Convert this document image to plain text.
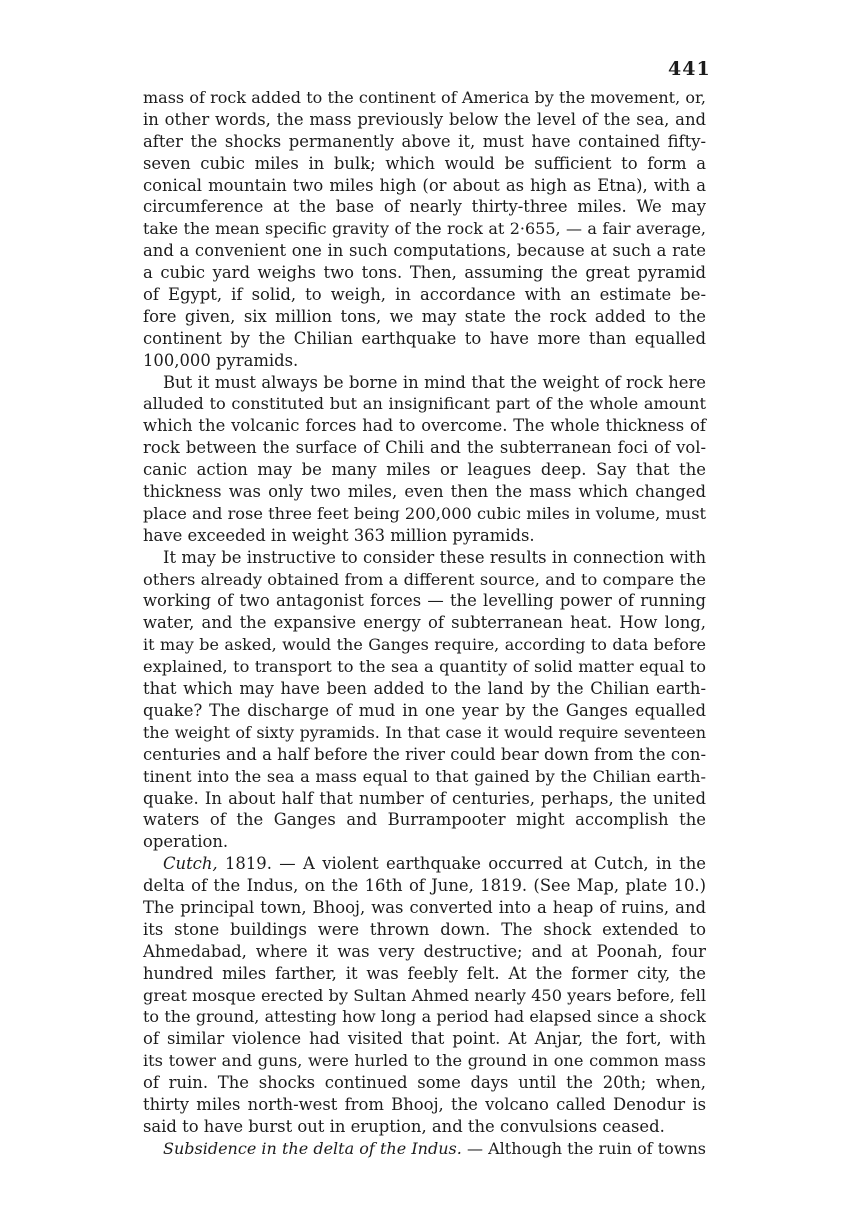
441
mass of rock added to the continent of America by the movement, or,
in other words, the mass previously below the level of the sea, and
after the shocks permanently above it, must have contained fifty-
seven cubic miles in bulk; which would be sufficient to form a
conical mountain two miles high (or about as high as Etna), with a
circumference at the base of nearly thirty-three miles. We may
take the mean specific gravity of the rock at 2·655, — a fair average,
and a convenient one in such computations, because at such a rate
a cubic yard weighs two tons. Then, assuming the great pyramid
of Egypt, if solid, to weigh, in accordance with an estimate be-
fore given, six million tons, we may state the rock added to the
continent by the Chilian earthquake to have more than equalled
100,000 pyramids.
But it must always be borne in mind that the weight of rock here
alluded to constituted but an insignificant part of the whole amount
which the volcanic forces had to overcome. The whole thickness of
rock between the surface of Chili and the subterranean foci of vol-
canic action may be many miles or leagues deep. Say that the
thickness was only two miles, even then the mass which changed
place and rose three feet being 200,000 cubic miles in volume, must
have exceeded in weight 363 million pyramids.
It may be instructive to consider these results in connection with
others already obtained from a different source, and to compare the
working of two antagonist forces — the levelling power of running
water, and the expansive energy of subterranean heat. How long,
it may be asked, would the Ganges require, according to data before
explained, to transport to the sea a quantity of solid matter equal to
that which may have been added to the land by the Chilian earth-
quake? The discharge of mud in one year by the Ganges equalled
the weight of sixty pyramids. In that case it would require seventeen
centuries and a half before the river could bear down from the con-
tinent into the sea a mass equal to that gained by the Chilian earth-
quake. In about half that number of centuries, perhaps, the united
waters of the Ganges and Burrampooter might accomplish the
operation.
Cutch, 1819. — A violent earthquake occurred at Cutch, in the
delta of the Indus, on the 16th of June, 1819. (See Map, plate 10.)
The principal town, Bhooj, was converted into a heap of ruins, and
its stone buildings were thrown down. The shock extended to
Ahmedabad, where it was very destructive; and at Poonah, four
hundred miles farther, it was feebly felt. At the former city, the
great mosque erected by Sultan Ahmed nearly 450 years before, fell
to the ground, attesting how long a period had elapsed since a shock
of similar violence had visited that point. At Anjar, the fort, with
its tower and guns, were hurled to the ground in one common mass
of ruin. The shocks continued some days until the 20th; when,
thirty miles north-west from Bhooj, the volcano called Denodur is
said to have burst out in eruption, and the convulsions ceased.
Subsidence in the delta of the Indus. — Although the ruin of towns
